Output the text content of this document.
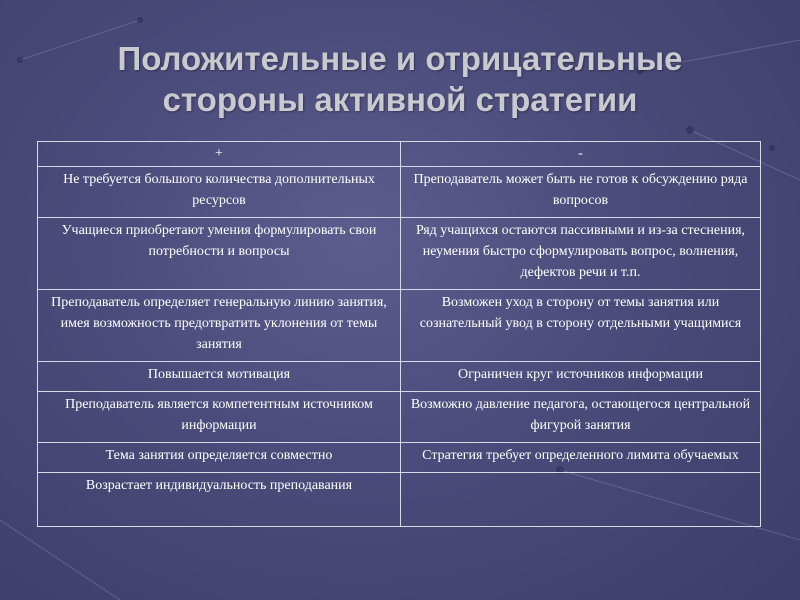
Положительные и отрицательные
стороны активной стратегии
+	-
Не требуется большого количества дополнительных ресурсов	Преподаватель может быть не готов к обсуждению ряда вопросов
Учащиеся приобретают умения формулировать свои потребности и вопросы	Ряд учащихся остаются пассивными и из-за стеснения, неумения быстро сформулировать вопрос, волнения, дефектов речи и т.п.
Преподаватель определяет генеральную линию занятия, имея возможность предотвратить уклонения от темы занятия	Возможен уход в сторону от темы занятия или сознательный увод в сторону отдельными учащимися
Повышается мотивация	Ограничен круг источников информации
Преподаватель является компетентным источником информации	Возможно давление педагога, остающегося центральной фигурой занятия
Тема занятия определяется совместно	Стратегия требует определенного лимита обучаемых
Возрастает индивидуальность преподавания	
